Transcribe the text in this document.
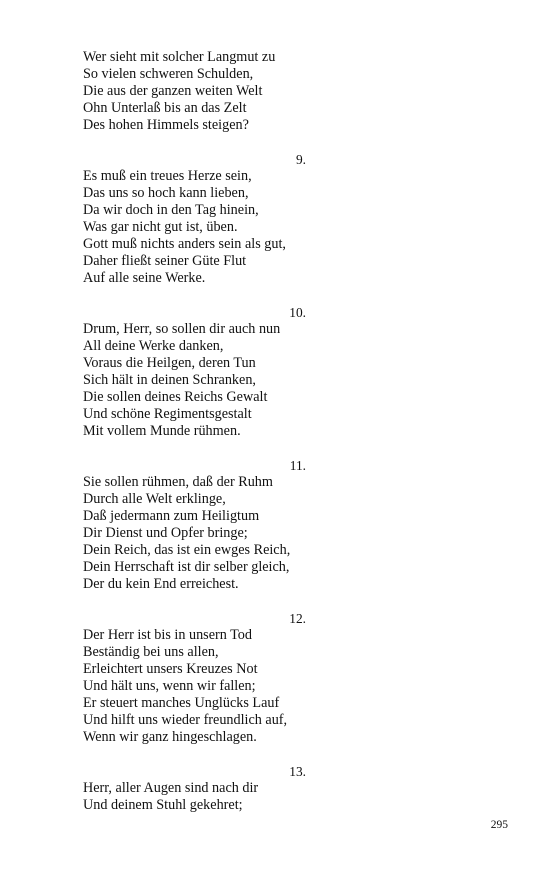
Wer sieht mit solcher Langmut zu
So vielen schweren Schulden,
Die aus der ganzen weiten Welt
Ohn Unterlaß bis an das Zelt
Des hohen Himmels steigen?
9.
Es muß ein treues Herze sein,
Das uns so hoch kann lieben,
Da wir doch in den Tag hinein,
Was gar nicht gut ist, üben.
Gott muß nichts anders sein als gut,
Daher fließt seiner Güte Flut
Auf alle seine Werke.
10.
Drum, Herr, so sollen dir auch nun
All deine Werke danken,
Voraus die Heilgen, deren Tun
Sich hält in deinen Schranken,
Die sollen deines Reichs Gewalt
Und schöne Regimentsgestalt
Mit vollem Munde rühmen.
11.
Sie sollen rühmen, daß der Ruhm
Durch alle Welt erklinge,
Daß jedermann zum Heiligtum
Dir Dienst und Opfer bringe;
Dein Reich, das ist ein ewges Reich,
Dein Herrschaft ist dir selber gleich,
Der du kein End erreichest.
12.
Der Herr ist bis in unsern Tod
Beständig bei uns allen,
Erleichtert unsers Kreuzes Not
Und hält uns, wenn wir fallen;
Er steuert manches Unglücks Lauf
Und hilft uns wieder freundlich auf,
Wenn wir ganz hingeschlagen.
13.
Herr, aller Augen sind nach dir
Und deinem Stuhl gekehret;
295
